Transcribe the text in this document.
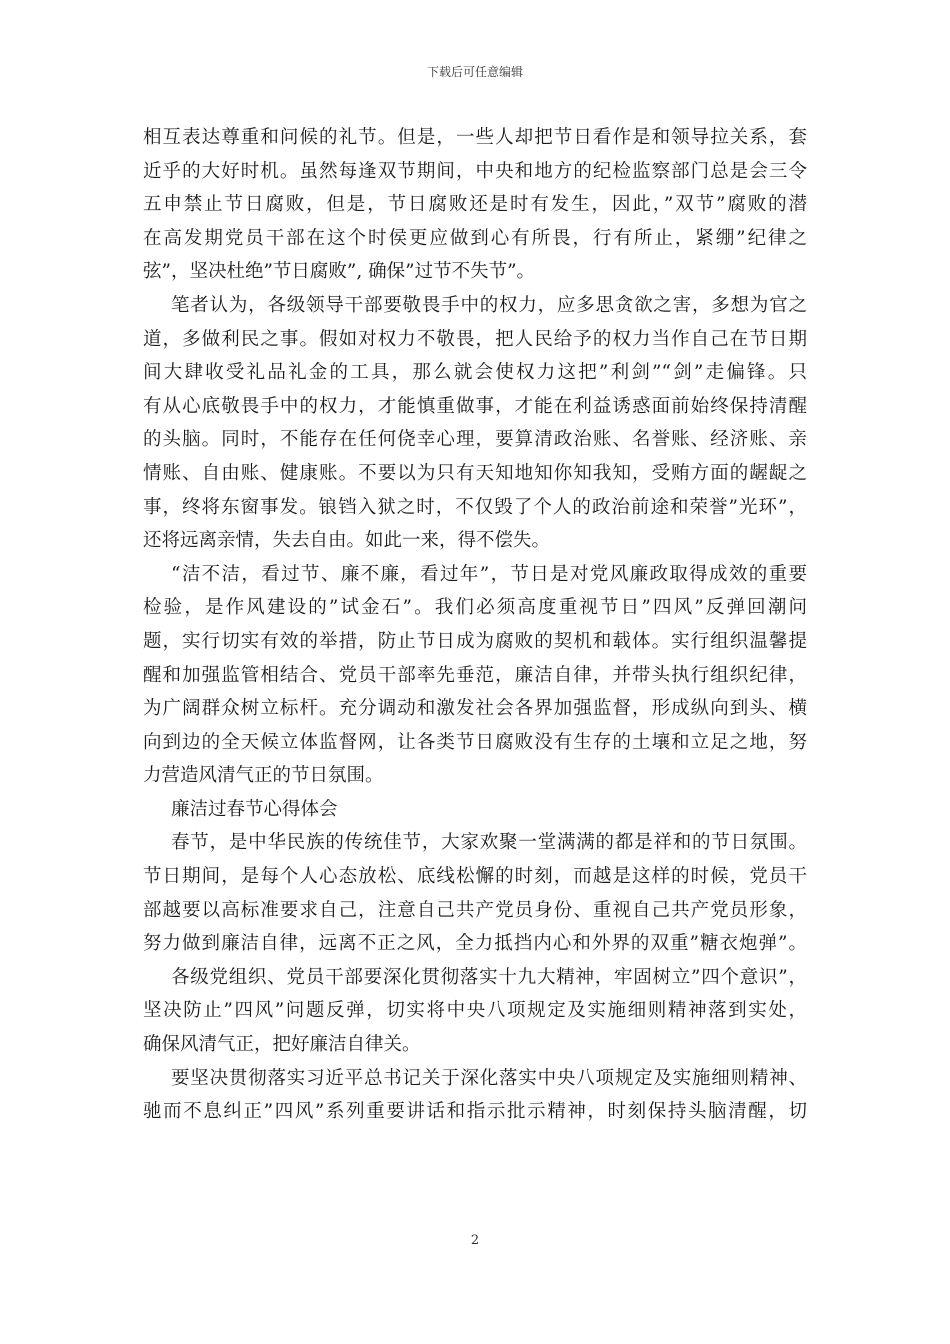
下载后可任意编辑
相互表达尊重和问候的礼节。但是，一些人却把节日看作是和领导拉关系，套
近乎的大好时机。虽然每逢双节期间，中央和地方的纪检监察部门总是会三令
五申禁止节日腐败，但是，节日腐败还是时有发生，因此，”双节”腐败的潜
在高发期党员干部在这个时侯更应做到心有所畏，行有所止，紧绷”纪律之
弦”，坚决杜绝”节日腐败”, 确保”过节不失节”。
笔者认为，各级领导干部要敬畏手中的权力，应多思贪欲之害，多想为官之
道，多做利民之事。假如对权力不敬畏，把人民给予的权力当作自己在节日期
间大肆收受礼品礼金的工具，那么就会使权力这把”利剑”“剑”走偏锋。只
有从心底敬畏手中的权力，才能慎重做事，才能在利益诱惑面前始终保持清醒
的头脑。同时，不能存在任何侥幸心理，要算清政治账、名誉账、经济账、亲
情账、自由账、健康账。不要以为只有天知地知你知我知，受贿方面的龌龊之
事，终将东窗事发。锒铛入狱之时，不仅毁了个人的政治前途和荣誉”光环”，
还将远离亲情，失去自由。如此一来，得不偿失。
“洁不洁，看过节、廉不廉，看过年”，节日是对党风廉政取得成效的重要
检验，是作风建设的”试金石”。我们必须高度重视节日”四风”反弹回潮问
题，实行切实有效的举措，防止节日成为腐败的契机和载体。实行组织温馨提
醒和加强监管相结合、党员干部率先垂范，廉洁自律，并带头执行组织纪律，
为广阔群众树立标杆。充分调动和激发社会各界加强监督，形成纵向到头、横
向到边的全天候立体监督网，让各类节日腐败没有生存的土壤和立足之地，努
力营造风清气正的节日氛围。
廉洁过春节心得体会
春节，是中华民族的传统佳节，大家欢聚一堂满满的都是祥和的节日氛围。
节日期间，是每个人心态放松、底线松懈的时刻，而越是这样的时候，党员干
部越要以高标准要求自己，注意自己共产党员身份、重视自己共产党员形象，
努力做到廉洁自律，远离不正之风，全力抵挡内心和外界的双重”糖衣炮弹”。
各级党组织、党员干部要深化贯彻落实十九大精神，牢固树立”四个意识”，
坚决防止”四风”问题反弹，切实将中央八项规定及实施细则精神落到实处，
确保风清气正，把好廉洁自律关。
要坚决贯彻落实习近平总书记关于深化落实中央八项规定及实施细则精神、
驰而不息纠正”四风”系列重要讲话和指示批示精神，时刻保持头脑清醒，切
2
